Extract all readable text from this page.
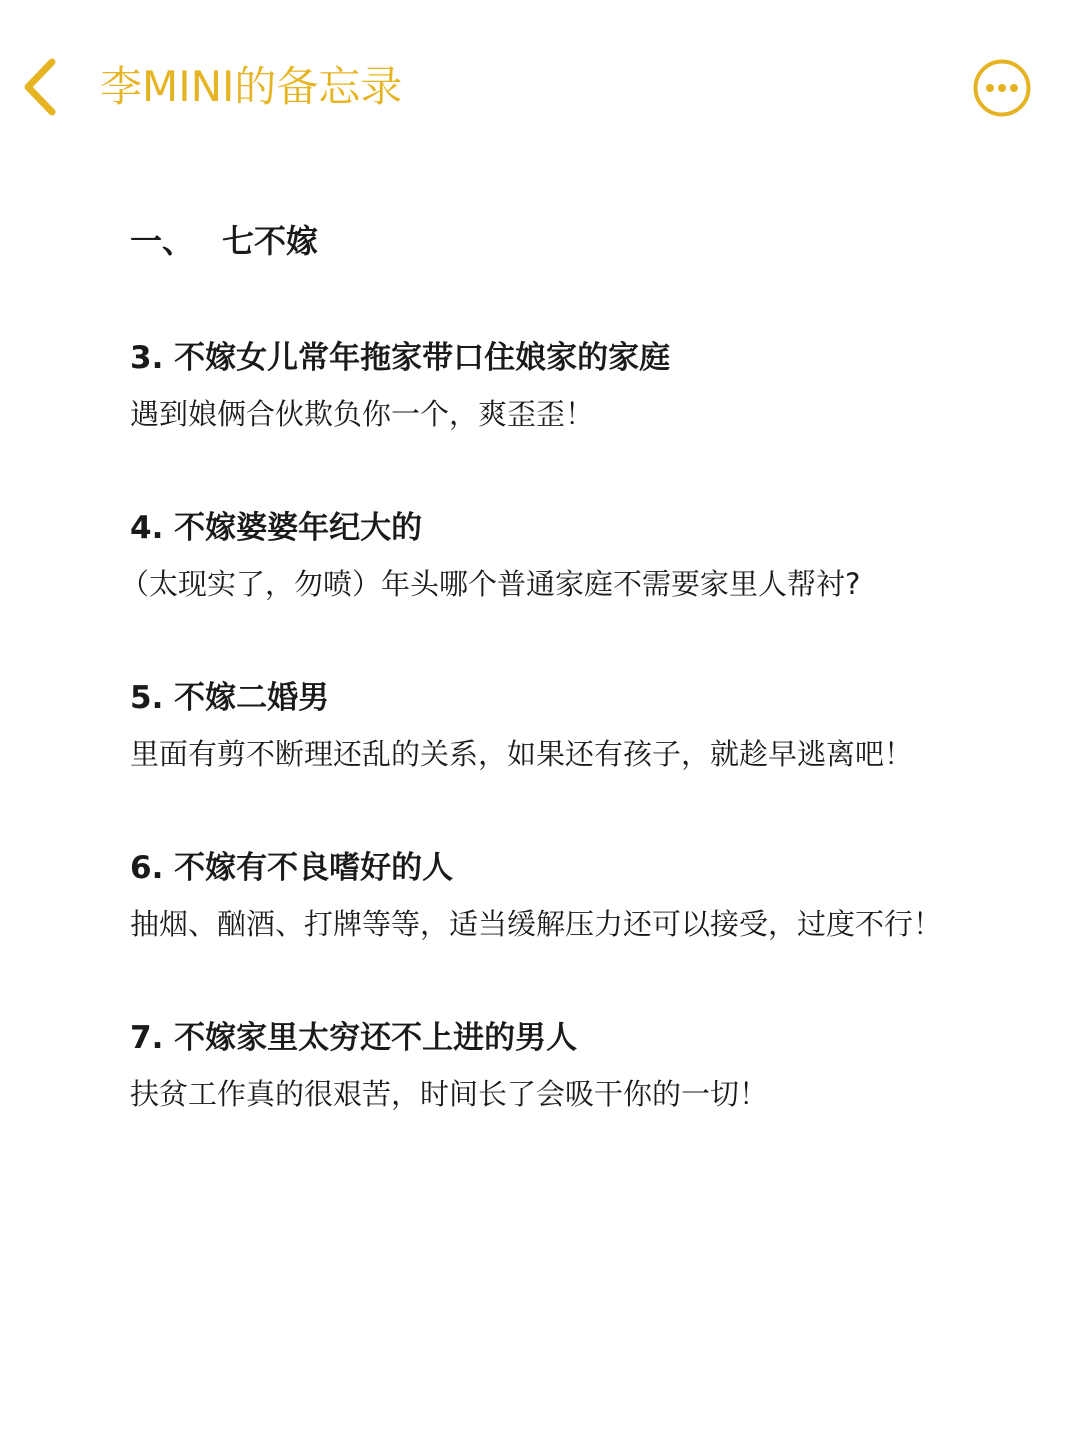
李MINI的备忘录
一、 七不嫁
3. 不嫁女儿常年拖家带口住娘家的家庭
遇到娘俩合伙欺负你一个，爽歪歪！
4. 不嫁婆婆年纪大的
（太现实了，勿喷）年头哪个普通家庭不需要家里人帮衬?
5. 不嫁二婚男
里面有剪不断理还乱的关系，如果还有孩子，就趁早逃离吧！
6. 不嫁有不良嗜好的人
抽烟、酗酒、打牌等等，适当缓解压力还可以接受，过度不行！
7. 不嫁家里太穷还不上进的男人
扶贫工作真的很艰苦，时间长了会吸干你的一切！
